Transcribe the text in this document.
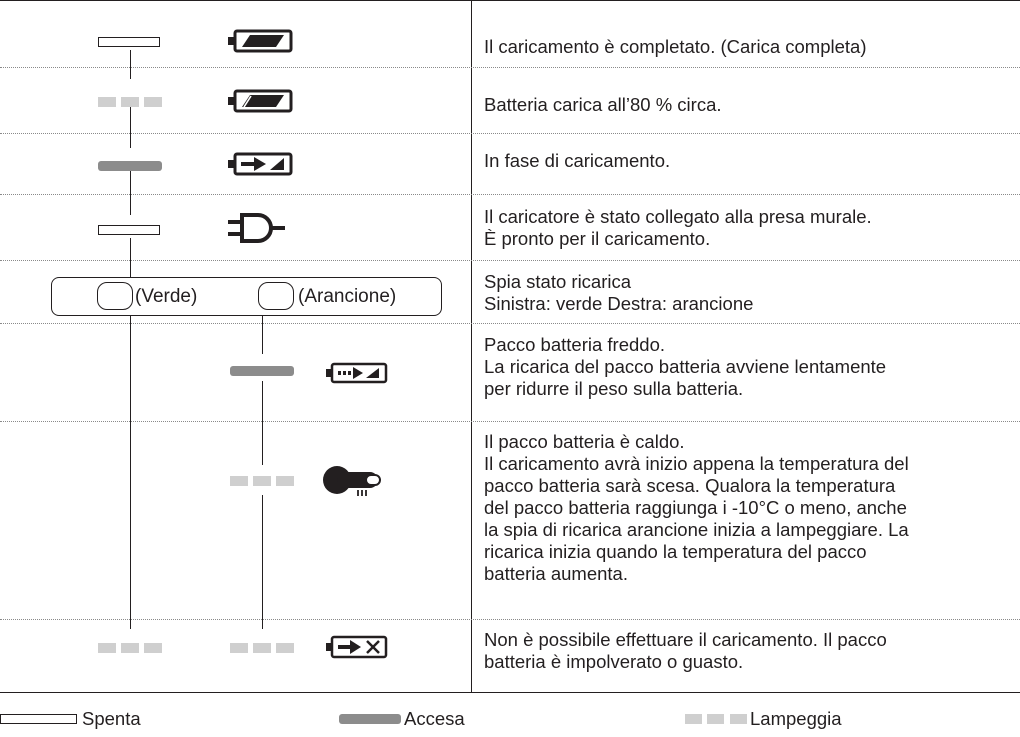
Il caricamento è completato. (Carica completa)
Batteria carica all’80 % circa.
In fase di caricamento.
Il caricatore è stato collegato alla presa murale.
È pronto per il caricamento.
(Verde)	(Arancione)
Spia stato ricarica
Sinistra: verde Destra: arancione
Pacco batteria freddo.
La ricarica del pacco batteria avviene lentamente
per ridurre il peso sulla batteria.
Il pacco batteria è caldo.
Il caricamento avrà inizio appena la temperatura del
pacco batteria sarà scesa. Qualora la temperatura
del pacco batteria raggiunga i -10°C o meno, anche
la spia di ricarica arancione inizia a lampeggiare. La
ricarica inizia quando la temperatura del pacco
batteria aumenta.
Non è possibile effettuare il caricamento. Il pacco
batteria è impolverato o guasto.
Spenta	Accesa	Lampeggia
